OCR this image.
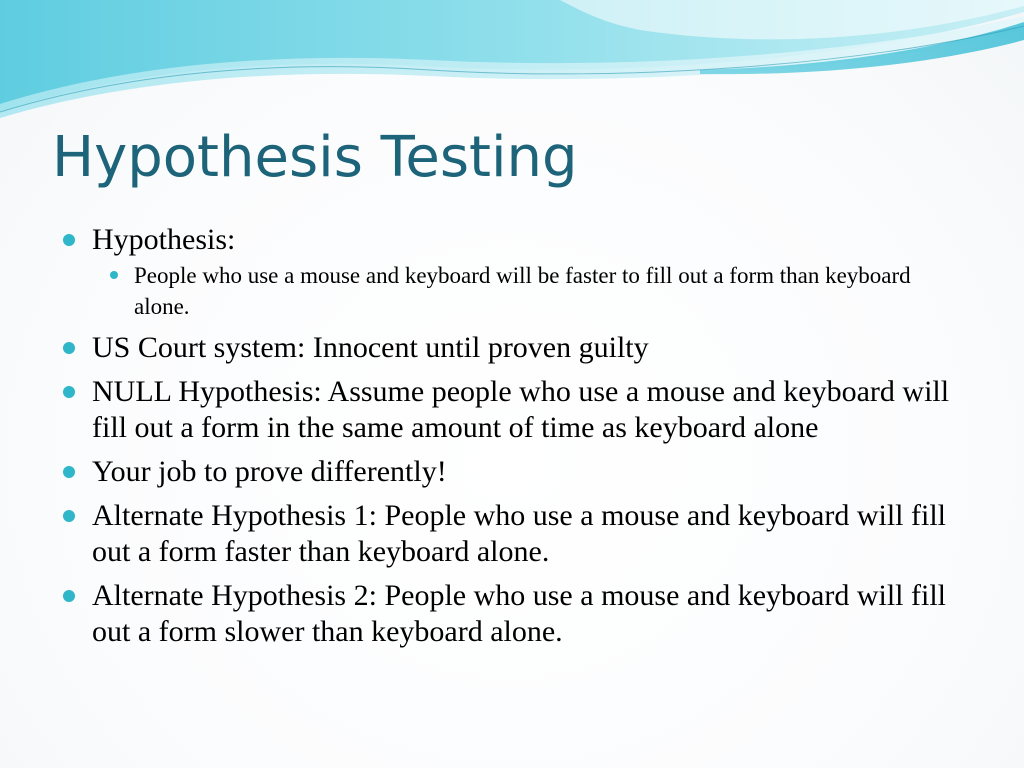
Hypothesis Testing
Hypothesis:
People who use a mouse and keyboard will be faster to fill out a form than keyboard alone.
US Court system: Innocent until proven guilty
NULL Hypothesis: Assume people who use a mouse and keyboard will fill out a form in the same amount of time as keyboard alone
Your job to prove differently!
Alternate Hypothesis 1: People who use a mouse and keyboard will fill out a form faster than keyboard alone.
Alternate Hypothesis 2: People who use a mouse and keyboard will fill out a form slower than keyboard alone.
